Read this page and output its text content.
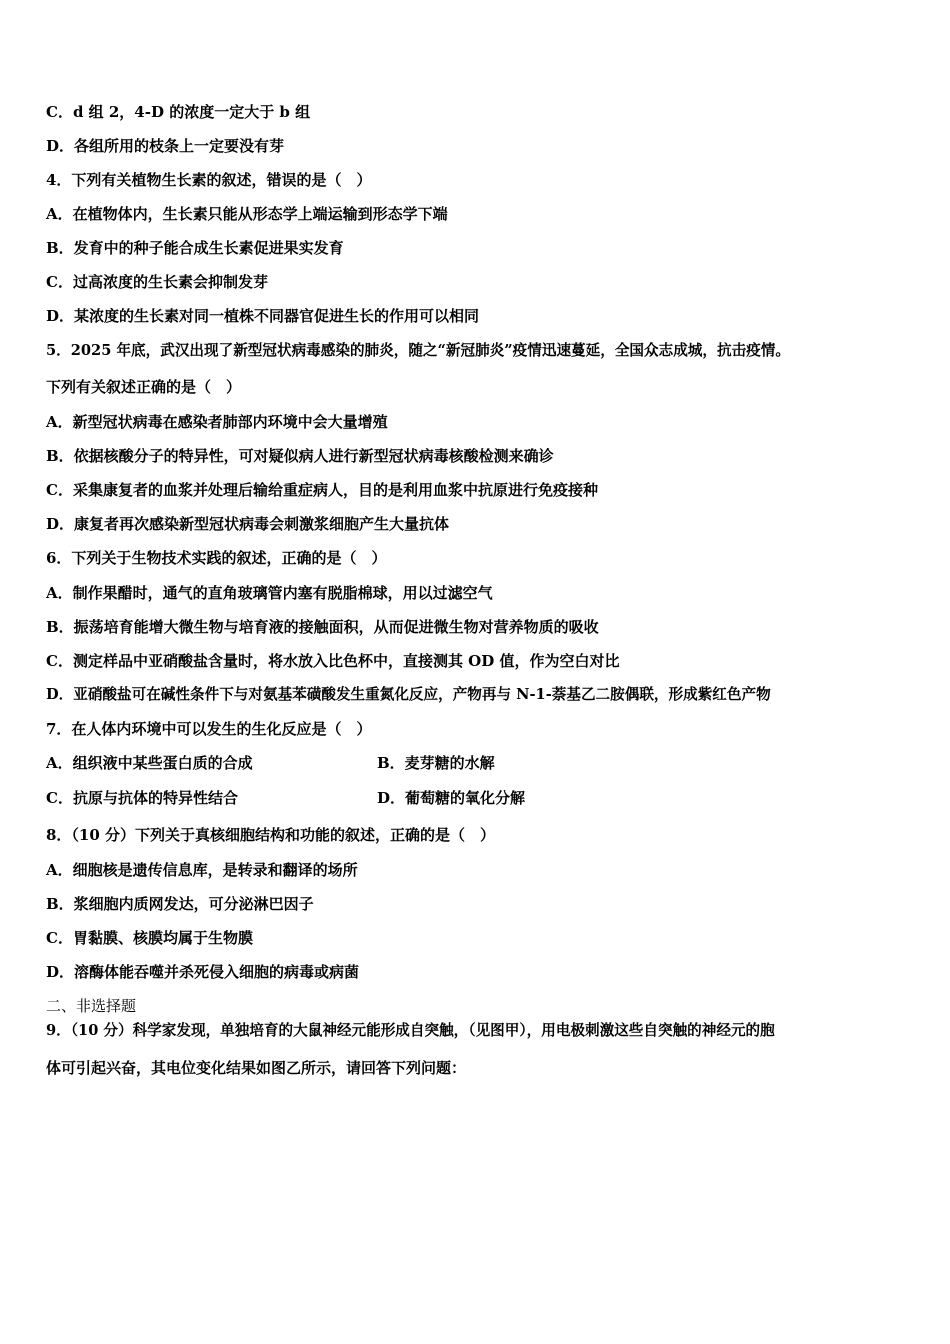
C．d 组 2，4-D 的浓度一定大于 b 组
D．各组所用的枝条上一定要没有芽
4．下列有关植物生长素的叙述，错误的是（　）
A．在植物体内，生长素只能从形态学上端运输到形态学下端
B．发育中的种子能合成生长素促进果实发育
C．过高浓度的生长素会抑制发芽
D．某浓度的生长素对同一植株不同器官促进生长的作用可以相同
5．2025 年底，武汉出现了新型冠状病毒感染的肺炎，随之“新冠肺炎”疫情迅速蔓延，全国众志成城，抗击疫情。
下列有关叙述正确的是（　）
A．新型冠状病毒在感染者肺部内环境中会大量增殖
B．依据核酸分子的特异性，可对疑似病人进行新型冠状病毒核酸检测来确诊
C．采集康复者的血浆并处理后输给重症病人，目的是利用血浆中抗原进行免疫接种
D．康复者再次感染新型冠状病毒会刺激浆细胞产生大量抗体
6．下列关于生物技术实践的叙述，正确的是（　）
A．制作果醋时，通气的直角玻璃管内塞有脱脂棉球，用以过滤空气
B．振荡培育能增大微生物与培育液的接触面积，从而促进微生物对营养物质的吸收
C．测定样品中亚硝酸盐含量时，将水放入比色杯中，直接测其 OD 值，作为空白对比
D．亚硝酸盐可在碱性条件下与对氨基苯磺酸发生重氮化反应，产物再与 N-1-萘基乙二胺偶联，形成紫红色产物
7．在人体内环境中可以发生的生化反应是（　）
A．组织液中某些蛋白质的合成	B．麦芽糖的水解
C．抗原与抗体的特异性结合	D．葡萄糖的氧化分解
8．（10 分）下列关于真核细胞结构和功能的叙述，正确的是（　）
A．细胞核是遗传信息库，是转录和翻译的场所
B．浆细胞内质网发达，可分泌淋巴因子
C．胃黏膜、核膜均属于生物膜
D．溶酶体能吞噬并杀死侵入细胞的病毒或病菌
二、非选择题
9．（10 分）科学家发现，单独培育的大鼠神经元能形成自突触，（见图甲），用电极刺激这些自突触的神经元的胞
体可引起兴奋，其电位变化结果如图乙所示，请回答下列问题：
